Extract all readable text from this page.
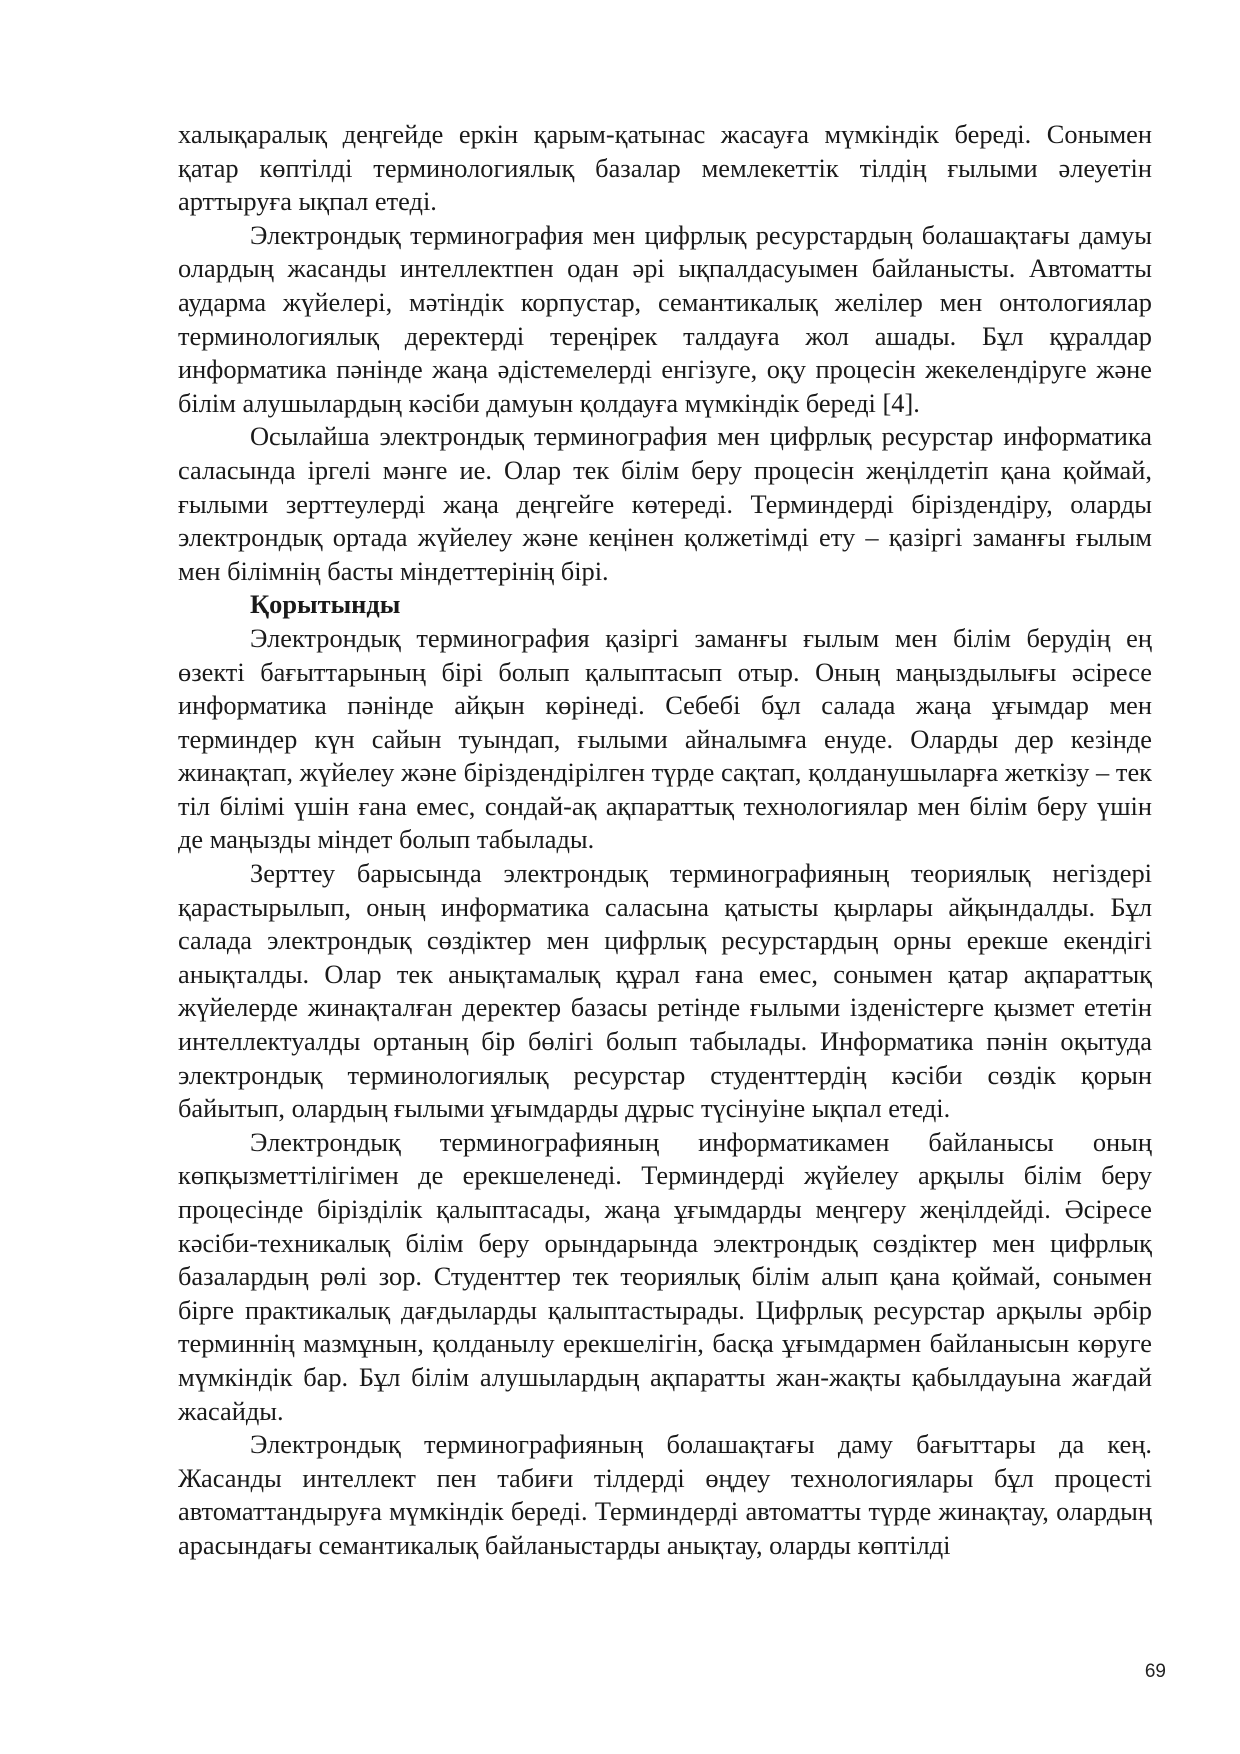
халықаралық деңгейде еркін қарым-қатынас жасауға мүмкіндік береді. Сонымен қатар көптілді терминологиялық базалар мемлекеттік тілдің ғылыми әлеуетін арттыруға ықпал етеді.

Электрондық терминография мен цифрлық ресурстардың болашақтағы дамуы олардың жасанды интеллектпен одан әрі ықпалдасуымен байланысты. Автоматты аударма жүйелері, мәтіндік корпустар, семантикалық желілер мен онтологиялар терминологиялық деректерді тереңірек талдауға жол ашады. Бұл құралдар информатика пәнінде жаңа әдістемелерді енгізуге, оқу процесін жекелендіруге және білім алушылардың кәсіби дамуын қолдауға мүмкіндік береді [4].

Осылайша электрондық терминография мен цифрлық ресурстар информатика саласында іргелі мәнге ие. Олар тек білім беру процесін жеңілдетіп қана қоймай, ғылыми зерттеулерді жаңа деңгейге көтереді. Терминдерді біріздендіру, оларды электрондық ортада жүйелеу және кеңінен қолжетімді ету – қазіргі заманғы ғылым мен білімнің басты міндеттерінің бірі.

Қорытынды

Электрондық терминография қазіргі заманғы ғылым мен білім берудің ең өзекті бағыттарының бірі болып қалыптасып отыр. Оның маңыздылығы әсіресе информатика пәнінде айқын көрінеді. Себебі бұл салада жаңа ұғымдар мен терминдер күн сайын туындап, ғылыми айналымға енуде. Оларды дер кезінде жинақтап, жүйелеу және біріздендірілген түрде сақтап, қолданушыларға жеткізу – тек тіл білімі үшін ғана емес, сондай-ақ ақпараттық технологиялар мен білім беру үшін де маңызды міндет болып табылады.

Зерттеу барысында электрондық терминографияның теориялық негіздері қарастырылып, оның информатика саласына қатысты қырлары айқындалды. Бұл салада электрондық сөздіктер мен цифрлық ресурстардың орны ерекше екендігі анықталды. Олар тек анықтамалық құрал ғана емес, сонымен қатар ақпараттық жүйелерде жинақталған деректер базасы ретінде ғылыми ізденістерге қызмет ететін интеллектуалды ортаның бір бөлігі болып табылады. Информатика пәнін оқытуда электрондық терминологиялық ресурстар студенттердің кәсіби сөздік қорын байытып, олардың ғылыми ұғымдарды дұрыс түсінуіне ықпал етеді.

Электрондық терминографияның информатикамен байланысы оның көпқызметтілігімен де ерекшеленеді. Терминдерді жүйелеу арқылы білім беру процесінде бірізділік қалыптасады, жаңа ұғымдарды меңгеру жеңілдейді. Әсіресе кәсіби-техникалық білім беру орындарында электрондық сөздіктер мен цифрлық базалардың рөлі зор. Студенттер тек теориялық білім алып қана қоймай, сонымен бірге практикалық дағдыларды қалыптастырады. Цифрлық ресурстар арқылы әрбір терминнің мазмұнын, қолданылу ерекшелігін, басқа ұғымдармен байланысын көруге мүмкіндік бар. Бұл білім алушылардың ақпаратты жан-жақты қабылдауына жағдай жасайды.

Электрондық терминографияның болашақтағы даму бағыттары да кең. Жасанды интеллект пен табиғи тілдерді өңдеу технологиялары бұл процесті автоматтандыруға мүмкіндік береді. Терминдерді автоматты түрде жинақтау, олардың арасындағы семантикалық байланыстарды анықтау, оларды көптілді

69
